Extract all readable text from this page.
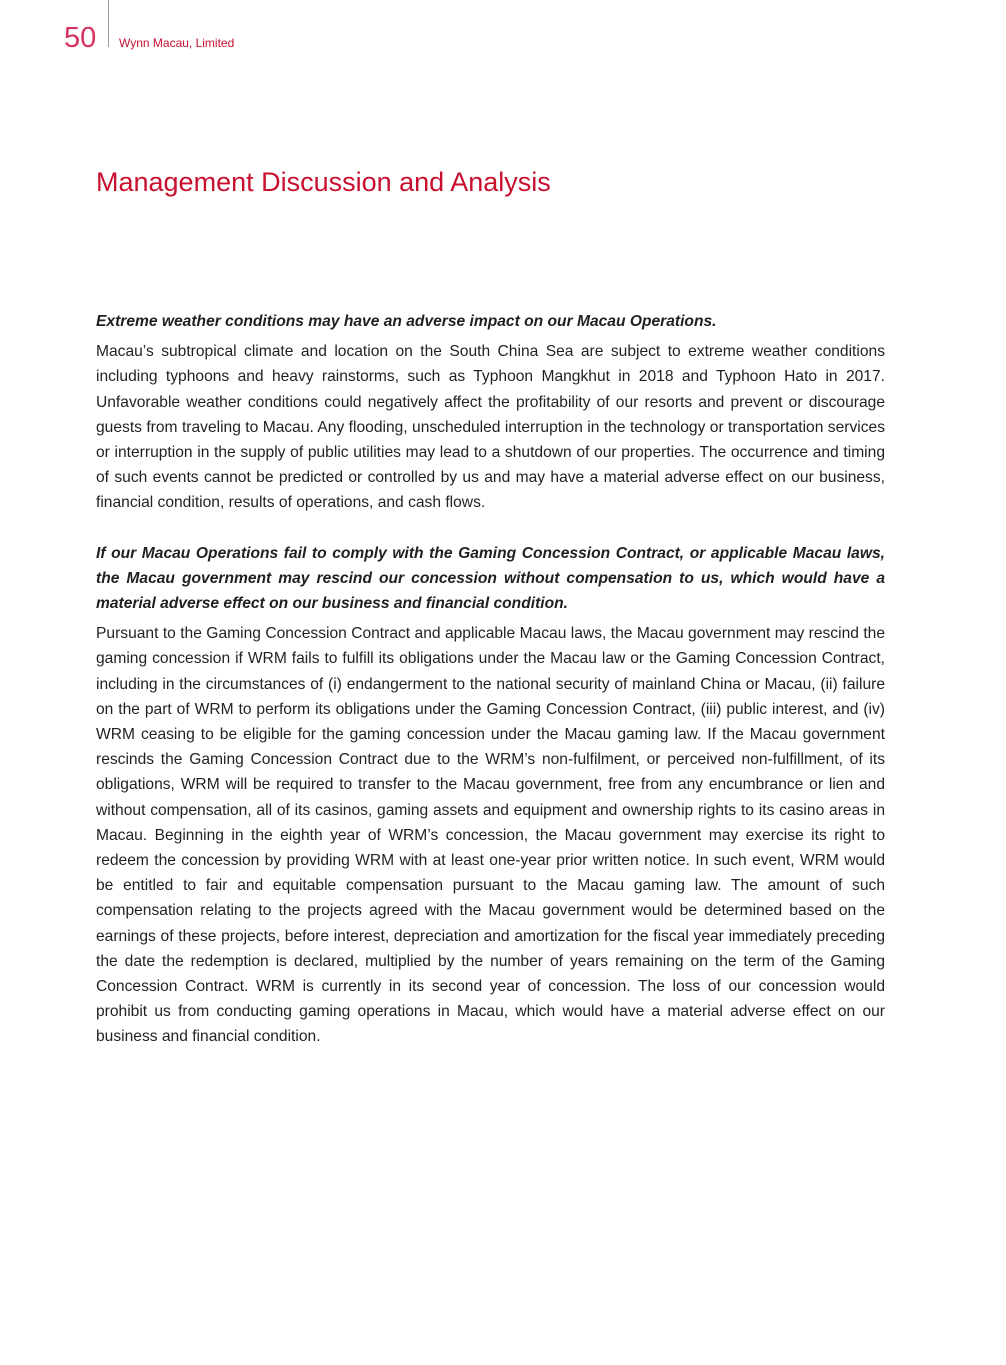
50 Wynn Macau, Limited
Management Discussion and Analysis

Extreme weather conditions may have an adverse impact on our Macau Operations.

Macau’s subtropical climate and location on the South China Sea are subject to extreme weather conditions including typhoons and heavy rainstorms, such as Typhoon Mangkhut in 2018 and Typhoon Hato in 2017. Unfavorable weather conditions could negatively affect the profitability of our resorts and prevent or discourage guests from traveling to Macau. Any flooding, unscheduled interruption in the technology or transportation services or interruption in the supply of public utilities may lead to a shutdown of our properties. The occurrence and timing of such events cannot be predicted or controlled by us and may have a material adverse effect on our business, financial condition, results of operations, and cash flows.

If our Macau Operations fail to comply with the Gaming Concession Contract, or applicable Macau laws, the Macau government may rescind our concession without compensation to us, which would have a material adverse effect on our business and financial condition.

Pursuant to the Gaming Concession Contract and applicable Macau laws, the Macau government may rescind the gaming concession if WRM fails to fulfill its obligations under the Macau law or the Gaming Concession Contract, including in the circumstances of (i) endangerment to the national security of mainland China or Macau, (ii) failure on the part of WRM to perform its obligations under the Gaming Concession Contract, (iii) public interest, and (iv) WRM ceasing to be eligible for the gaming concession under the Macau gaming law. If the Macau government rescinds the Gaming Concession Contract due to the WRM’s non-fulfilment, or perceived non-fulfillment, of its obligations, WRM will be required to transfer to the Macau government, free from any encumbrance or lien and without compensation, all of its casinos, gaming assets and equipment and ownership rights to its casino areas in Macau. Beginning in the eighth year of WRM’s concession, the Macau government may exercise its right to redeem the concession by providing WRM with at least one-year prior written notice. In such event, WRM would be entitled to fair and equitable compensation pursuant to the Macau gaming law. The amount of such compensation relating to the projects agreed with the Macau government would be determined based on the earnings of these projects, before interest, depreciation and amortization for the fiscal year immediately preceding the date the redemption is declared, multiplied by the number of years remaining on the term of the Gaming Concession Contract. WRM is currently in its second year of concession. The loss of our concession would prohibit us from conducting gaming operations in Macau, which would have a material adverse effect on our business and financial condition.
